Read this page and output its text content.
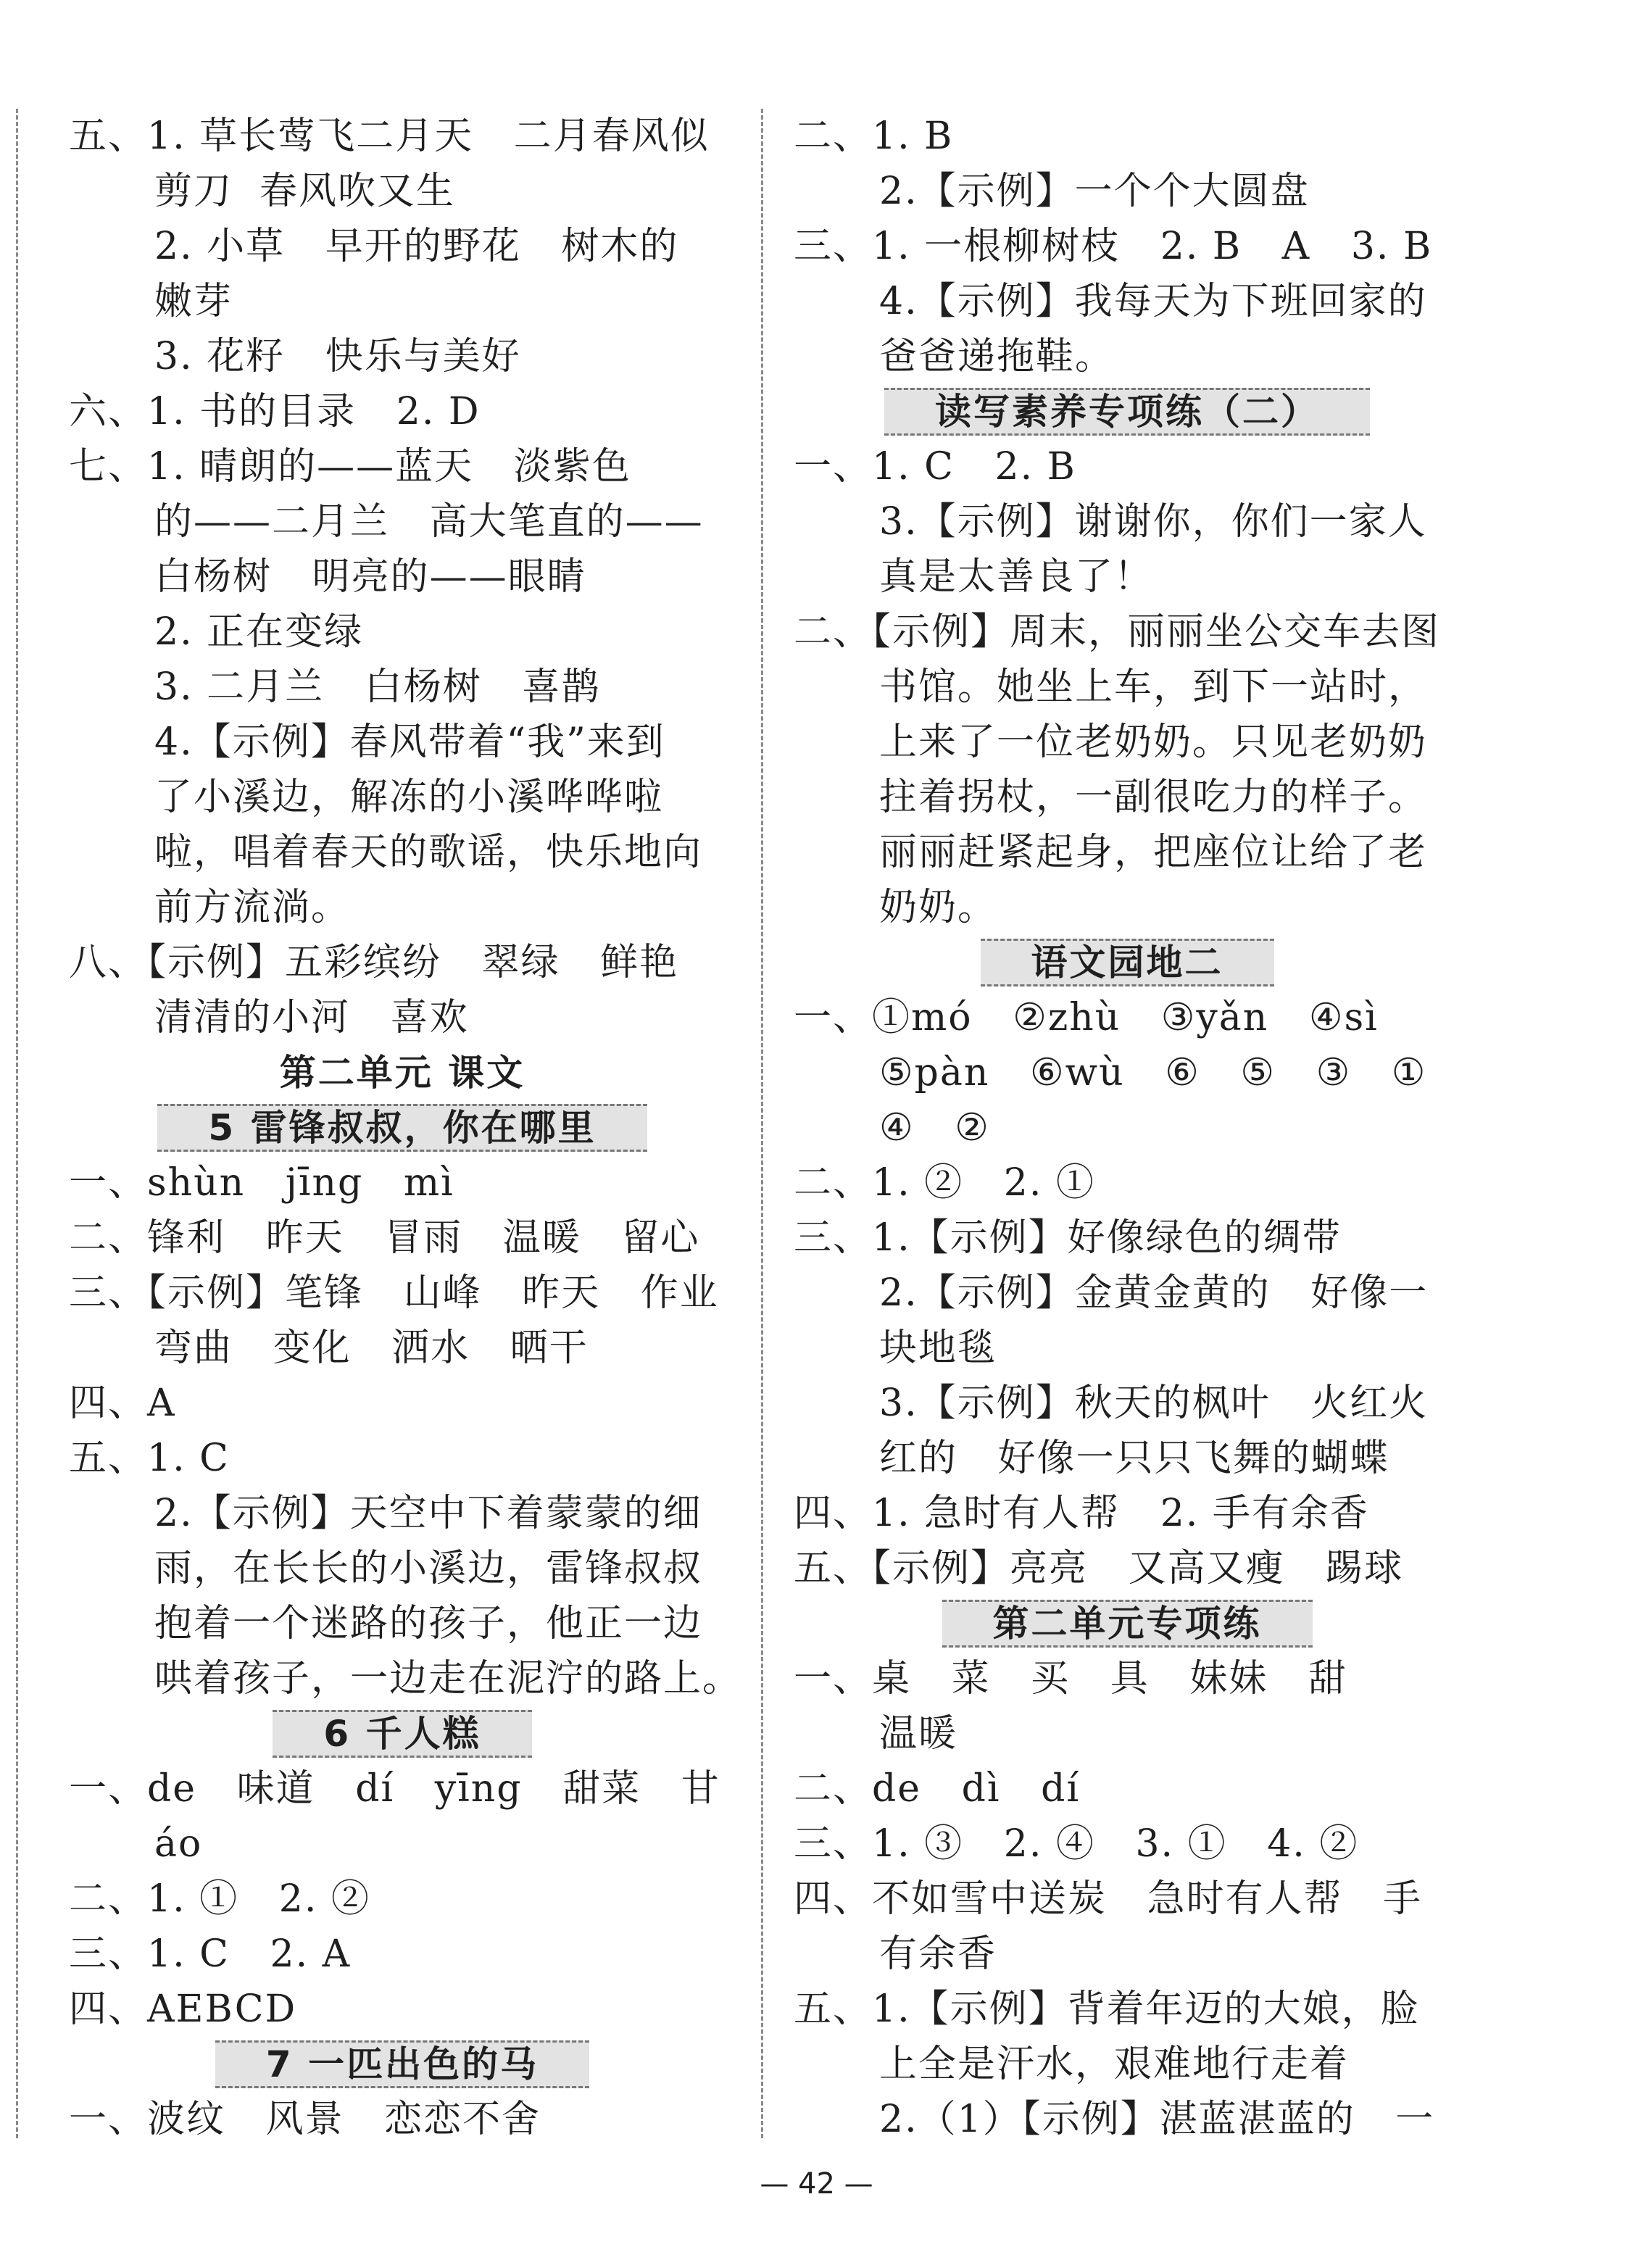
五、1. 草长莺飞二月天   二月春风似
剪刀  春风吹又生
2. 小草   早开的野花   树木的
嫩芽
3. 花籽   快乐与美好
六、1. 书的目录   2. D
七、1. 晴朗的——蓝天   淡紫色
的——二月兰   高大笔直的——
白杨树   明亮的——眼睛
2. 正在变绿
3. 二月兰   白杨树   喜鹊
4.【示例】春风带着“我”来到
了小溪边，解冻的小溪哗哗啦
啦，唱着春天的歌谣，快乐地向
前方流淌。
八、【示例】五彩缤纷   翠绿   鲜艳
清清的小河   喜欢
第二单元 课文
5 雷锋叔叔，你在哪里
一、shùn   jīng   mì
二、锋利   昨天   冒雨   温暖   留心
三、【示例】笔锋   山峰   昨天   作业
弯曲   变化   洒水   晒干
四、A
五、1. C
2.【示例】天空中下着蒙蒙的细
雨，在长长的小溪边，雷锋叔叔
抱着一个迷路的孩子，他正一边
哄着孩子，一边走在泥泞的路上。
6 千人糕
一、de   味道   dí   yīng   甜菜   甘
áo
二、1. ①   2. ②
三、1. C   2. A
四、AEBCD
7 一匹出色的马
一、波纹   风景   恋恋不舍
二、1. B
2.【示例】一个个大圆盘
三、1. 一根柳树枝   2. B   A   3. B
4.【示例】我每天为下班回家的
爸爸递拖鞋。
读写素养专项练（二）
一、1. C   2. B
3.【示例】谢谢你，你们一家人
真是太善良了！
二、【示例】周末，丽丽坐公交车去图
书馆。她坐上车，到下一站时，
上来了一位老奶奶。只见老奶奶
拄着拐杖，一副很吃力的样子。
丽丽赶紧起身，把座位让给了老
奶奶。
语文园地二
一、①mó   ②zhù   ③yǎn   ④sì
⑤pàn   ⑥wù   ⑥   ⑤   ③   ①
④   ②
二、1. ②   2. ①
三、1.【示例】好像绿色的绸带
2.【示例】金黄金黄的   好像一
块地毯
3.【示例】秋天的枫叶   火红火
红的   好像一只只飞舞的蝴蝶
四、1. 急时有人帮   2. 手有余香
五、【示例】亮亮   又高又瘦   踢球
第二单元专项练
一、桌   菜   买   具   妹妹   甜
温暖
二、de   dì   dí
三、1. ③   2. ④   3. ①   4. ②
四、不如雪中送炭   急时有人帮   手
有余香
五、1.【示例】背着年迈的大娘，脸
上全是汗水，艰难地行走着
2.（1）【示例】湛蓝湛蓝的   一
— 42 —
